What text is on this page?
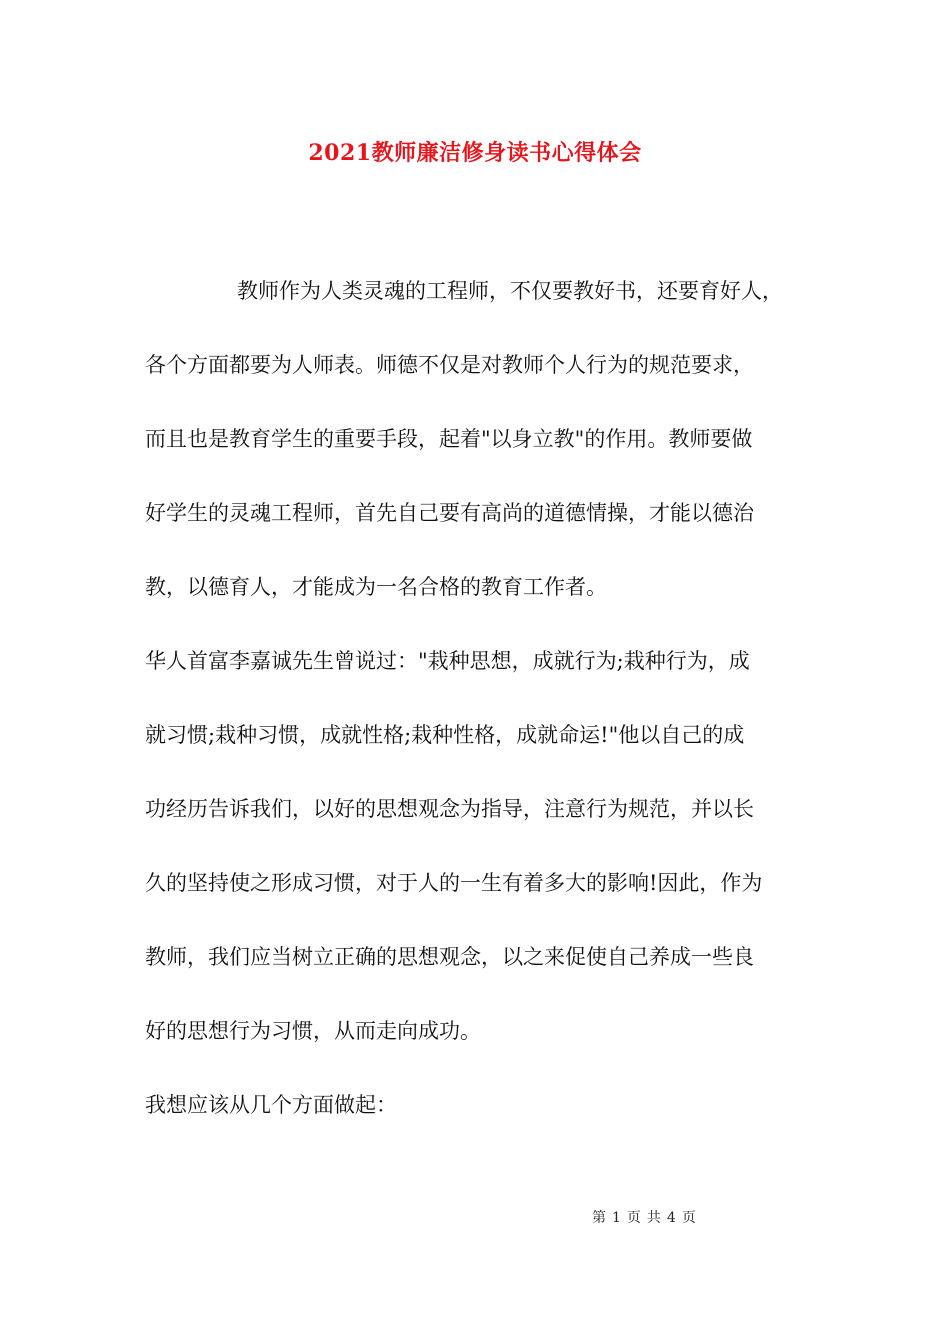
2021教师廉洁修身读书心得体会
教师作为人类灵魂的工程师，不仅要教好书，还要育好人，
各个方面都要为人师表。师德不仅是对教师个人行为的规范要求，
而且也是教育学生的重要手段，起着"以身立教"的作用。教师要做
好学生的灵魂工程师，首先自己要有高尚的道德情操，才能以德治
教，以德育人，才能成为一名合格的教育工作者。
华人首富李嘉诚先生曾说过："栽种思想，成就行为;栽种行为，成
就习惯;栽种习惯，成就性格;栽种性格，成就命运!"他以自己的成
功经历告诉我们，以好的思想观念为指导，注意行为规范，并以长
久的坚持使之形成习惯，对于人的一生有着多大的影响!因此，作为
教师，我们应当树立正确的思想观念，以之来促使自己养成一些良
好的思想行为习惯，从而走向成功。
我想应该从几个方面做起：
第 1 页 共 4 页
